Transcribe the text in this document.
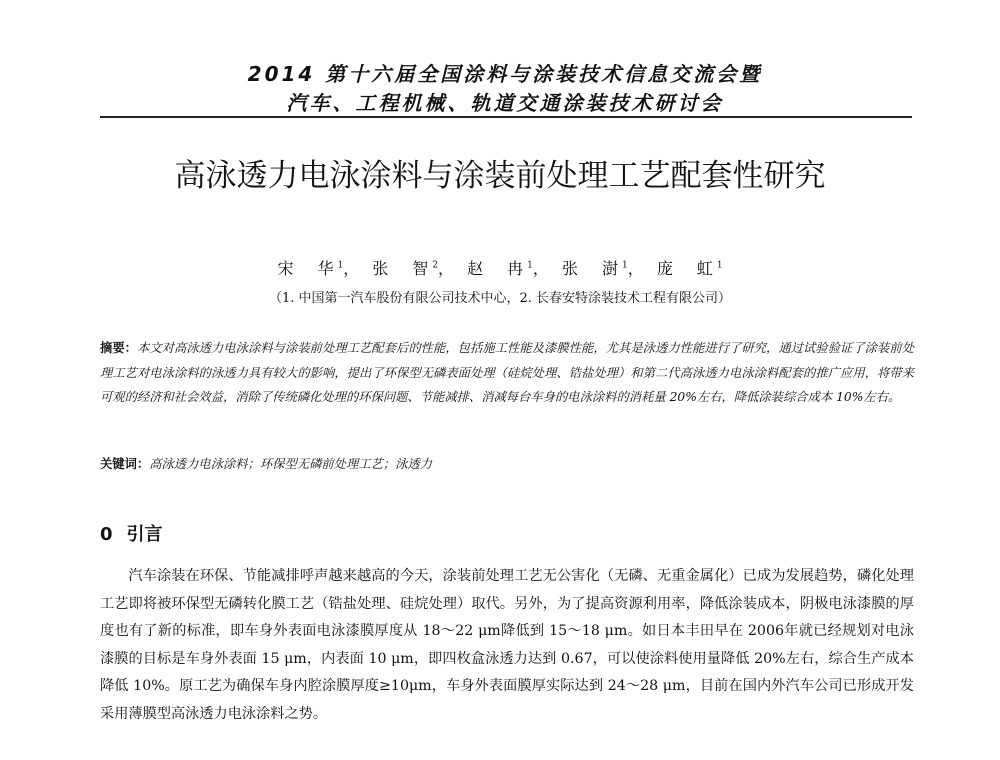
2014 第十六届全国涂料与涂装技术信息交流会暨
汽车、工程机械、轨道交通涂装技术研讨会
高泳透力电泳涂料与涂装前处理工艺配套性研究
宋　华$^1$， 张　智$^2$， 赵　冉$^1$， 张　澍$^1$， 庞　虹$^1$
（1. 中国第一汽车股份有限公司技术中心，2. 长春安特涂装技术工程有限公司）
摘要：本文对高泳透力电泳涂料与涂装前处理工艺配套后的性能，包括施工性能及漆膜性能，尤其是泳透力性能进行了研究，通过试验验证了涂装前处理工艺对电泳涂料的泳透力具有较大的影响，提出了环保型无磷表面处理（硅烷处理、锆盐处理）和第二代高泳透力电泳涂料配套的推广应用，将带来可观的经济和社会效益，消除了传统磷化处理的环保问题、节能减排、消减每台车身的电泳涂料的消耗量 20%左右，降低涂装综合成本 10%左右。
关键词：高泳透力电泳涂料；环保型无磷前处理工艺；泳透力
0 引言

汽车涂装在环保、节能减排呼声越来越高的今天，涂装前处理工艺无公害化（无磷、无重金属化）已成为发展趋势，磷化处理工艺即将被环保型无磷转化膜工艺（锆盐处理、硅烷处理）取代。另外，为了提高资源利用率，降低涂装成本，阴极电泳漆膜的厚度也有了新的标准，即车身外表面电泳漆膜厚度从 18～22 μm降低到 15～18 μm。如日本丰田早在 2006年就已经规划对电泳漆膜的目标是车身外表面 15 μm，内表面 10 μm，即四枚盒泳透力达到 0.67，可以使涂料使用量降低 20%左右，综合生产成本降低 10%。原工艺为确保车身内腔涂膜厚度≥10μm，车身外表面膜厚实际达到 24～28 μm，目前在国内外汽车公司已形成开发采用薄膜型高泳透力电泳涂料之势。
